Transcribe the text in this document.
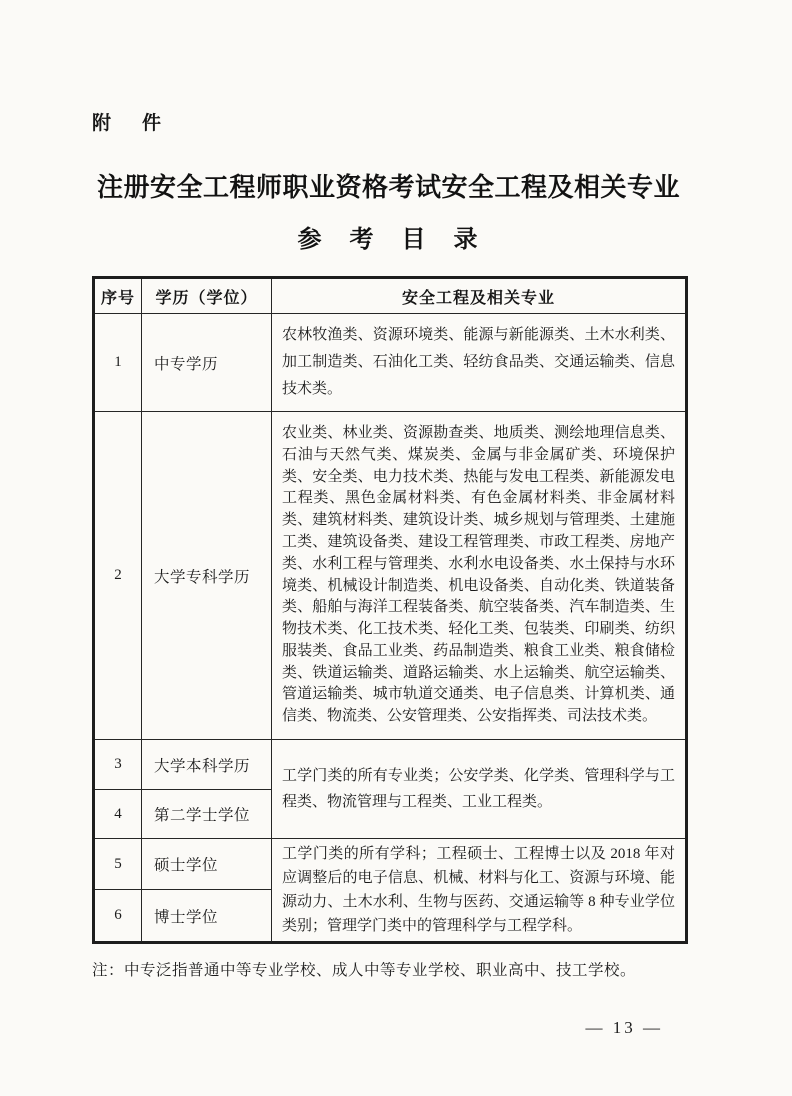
附　件
注册安全工程师职业资格考试安全工程及相关专业
参　考　目　录
序号	学历（学位）	安全工程及相关专业
1	中专学历	农林牧渔类、资源环境类、能源与新能源类、土木水利类、加工制造类、石油化工类、轻纺食品类、交通运输类、信息技术类。
2	大学专科学历	农业类、林业类、资源勘查类、地质类、测绘地理信息类、石油与天然气类、煤炭类、金属与非金属矿类、环境保护类、安全类、电力技术类、热能与发电工程类、新能源发电工程类、黑色金属材料类、有色金属材料类、非金属材料类、建筑材料类、建筑设计类、城乡规划与管理类、土建施工类、建筑设备类、建设工程管理类、市政工程类、房地产类、水利工程与管理类、水利水电设备类、水土保持与水环境类、机械设计制造类、机电设备类、自动化类、铁道装备类、船舶与海洋工程装备类、航空装备类、汽车制造类、生物技术类、化工技术类、轻化工类、包装类、印刷类、纺织服装类、食品工业类、药品制造类、粮食工业类、粮食储检类、铁道运输类、道路运输类、水上运输类、航空运输类、管道运输类、城市轨道交通类、电子信息类、计算机类、通信类、物流类、公安管理类、公安指挥类、司法技术类。
3	大学本科学历	工学门类的所有专业类；公安学类、化学类、管理科学与工程类、物流管理与工程类、工业工程类。
4	第二学士学位	
5	硕士学位	工学门类的所有学科；工程硕士、工程博士以及 2018 年对应调整后的电子信息、机械、材料与化工、资源与环境、能源动力、土木水利、生物与医药、交通运输等 8 种专业学位类别；管理学门类中的管理科学与工程学科。
6	博士学位	

注：中专泛指普通中等专业学校、成人中等专业学校、职业高中、技工学校。

— 13 —
